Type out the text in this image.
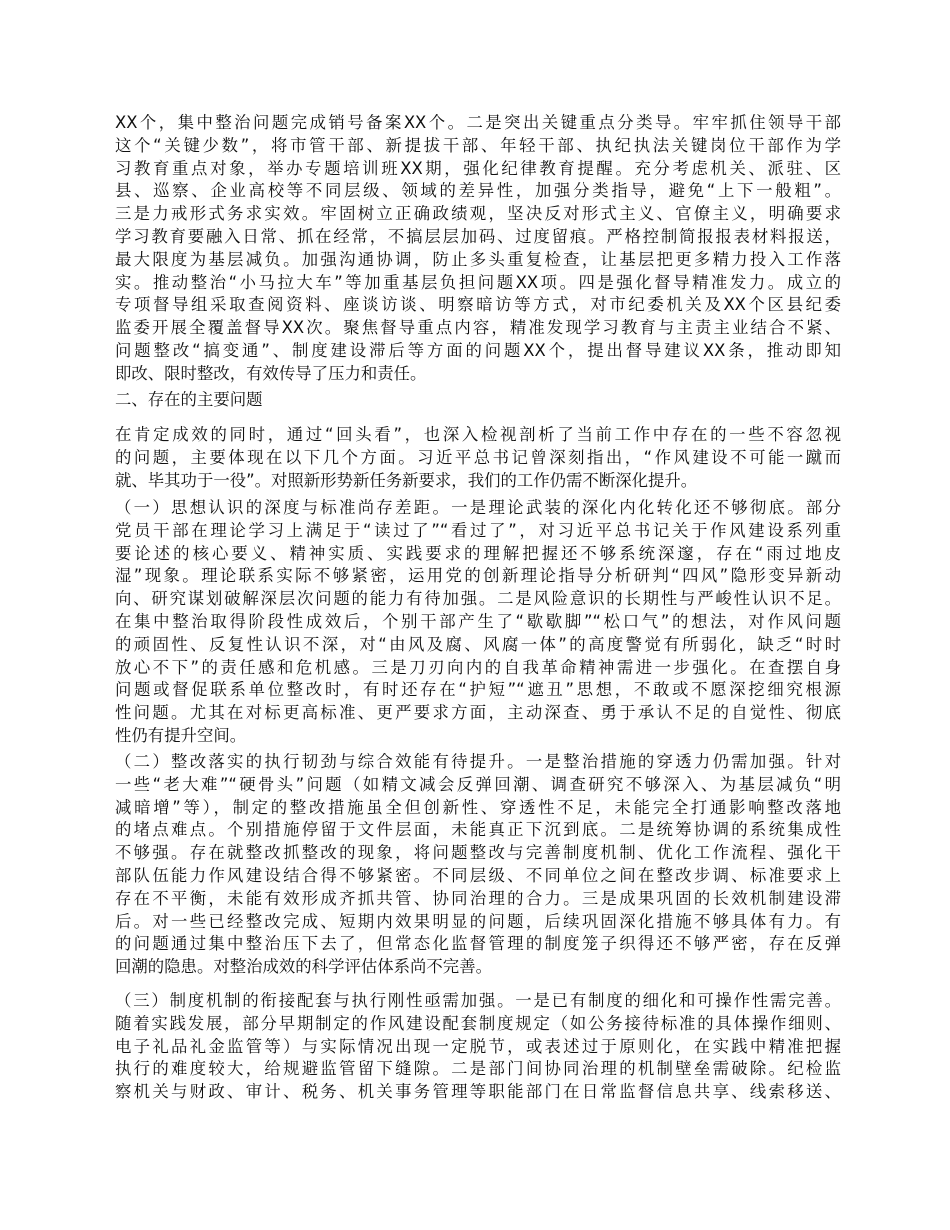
XX个，集中整治问题完成销号备案XX个。二是突出关键重点分类导。牢牢抓住领导干部
这个“关键少数”，将市管干部、新提拔干部、年轻干部、执纪执法关键岗位干部作为学
习教育重点对象，举办专题培训班XX期，强化纪律教育提醒。充分考虑机关、派驻、区
县、巡察、企业高校等不同层级、领域的差异性，加强分类指导，避免“上下一般粗”。
三是力戒形式务求实效。牢固树立正确政绩观，坚决反对形式主义、官僚主义，明确要求
学习教育要融入日常、抓在经常，不搞层层加码、过度留痕。严格控制简报报表材料报送，
最大限度为基层减负。加强沟通协调，防止多头重复检查，让基层把更多精力投入工作落
实。推动整治“小马拉大车”等加重基层负担问题XX项。四是强化督导精准发力。成立的
专项督导组采取查阅资料、座谈访谈、明察暗访等方式，对市纪委机关及XX个区县纪委
监委开展全覆盖督导XX次。聚焦督导重点内容，精准发现学习教育与主责主业结合不紧、
问题整改“搞变通”、制度建设滞后等方面的问题XX个，提出督导建议XX条，推动即知
即改、限时整改，有效传导了压力和责任。
二、存在的主要问题
在肯定成效的同时，通过“回头看”，也深入检视剖析了当前工作中存在的一些不容忽视
的问题，主要体现在以下几个方面。习近平总书记曾深刻指出，“作风建设不可能一蹴而
就、毕其功于一役”。对照新形势新任务新要求，我们的工作仍需不断深化提升。
（一）思想认识的深度与标准尚存差距。一是理论武装的深化内化转化还不够彻底。部分
党员干部在理论学习上满足于“读过了”“看过了”，对习近平总书记关于作风建设系列重
要论述的核心要义、精神实质、实践要求的理解把握还不够系统深邃，存在“雨过地皮
湿”现象。理论联系实际不够紧密，运用党的创新理论指导分析研判“四风”隐形变异新动
向、研究谋划破解深层次问题的能力有待加强。二是风险意识的长期性与严峻性认识不足。
在集中整治取得阶段性成效后，个别干部产生了“歇歇脚”“松口气”的想法，对作风问题
的顽固性、反复性认识不深，对“由风及腐、风腐一体”的高度警觉有所弱化，缺乏“时时
放心不下”的责任感和危机感。三是刀刃向内的自我革命精神需进一步强化。在查摆自身
问题或督促联系单位整改时，有时还存在“护短”“遮丑”思想，不敢或不愿深挖细究根源
性问题。尤其在对标更高标准、更严要求方面，主动深查、勇于承认不足的自觉性、彻底
性仍有提升空间。
（二）整改落实的执行韧劲与综合效能有待提升。一是整治措施的穿透力仍需加强。针对
一些“老大难”“硬骨头”问题（如精文减会反弹回潮、调查研究不够深入、为基层减负“明
减暗增”等），制定的整改措施虽全但创新性、穿透性不足，未能完全打通影响整改落地
的堵点难点。个别措施停留于文件层面，未能真正下沉到底。二是统筹协调的系统集成性
不够强。存在就整改抓整改的现象，将问题整改与完善制度机制、优化工作流程、强化干
部队伍能力作风建设结合得不够紧密。不同层级、不同单位之间在整改步调、标准要求上
存在不平衡，未能有效形成齐抓共管、协同治理的合力。三是成果巩固的长效机制建设滞
后。对一些已经整改完成、短期内效果明显的问题，后续巩固深化措施不够具体有力。有
的问题通过集中整治压下去了，但常态化监督管理的制度笼子织得还不够严密，存在反弹
回潮的隐患。对整治成效的科学评估体系尚不完善。
（三）制度机制的衔接配套与执行刚性亟需加强。一是已有制度的细化和可操作性需完善。
随着实践发展，部分早期制定的作风建设配套制度规定（如公务接待标准的具体操作细则、
电子礼品礼金监管等）与实际情况出现一定脱节，或表述过于原则化，在实践中精准把握
执行的难度较大，给规避监管留下缝隙。二是部门间协同治理的机制壁垒需破除。纪检监
察机关与财政、审计、税务、机关事务管理等职能部门在日常监督信息共享、线索移送、
